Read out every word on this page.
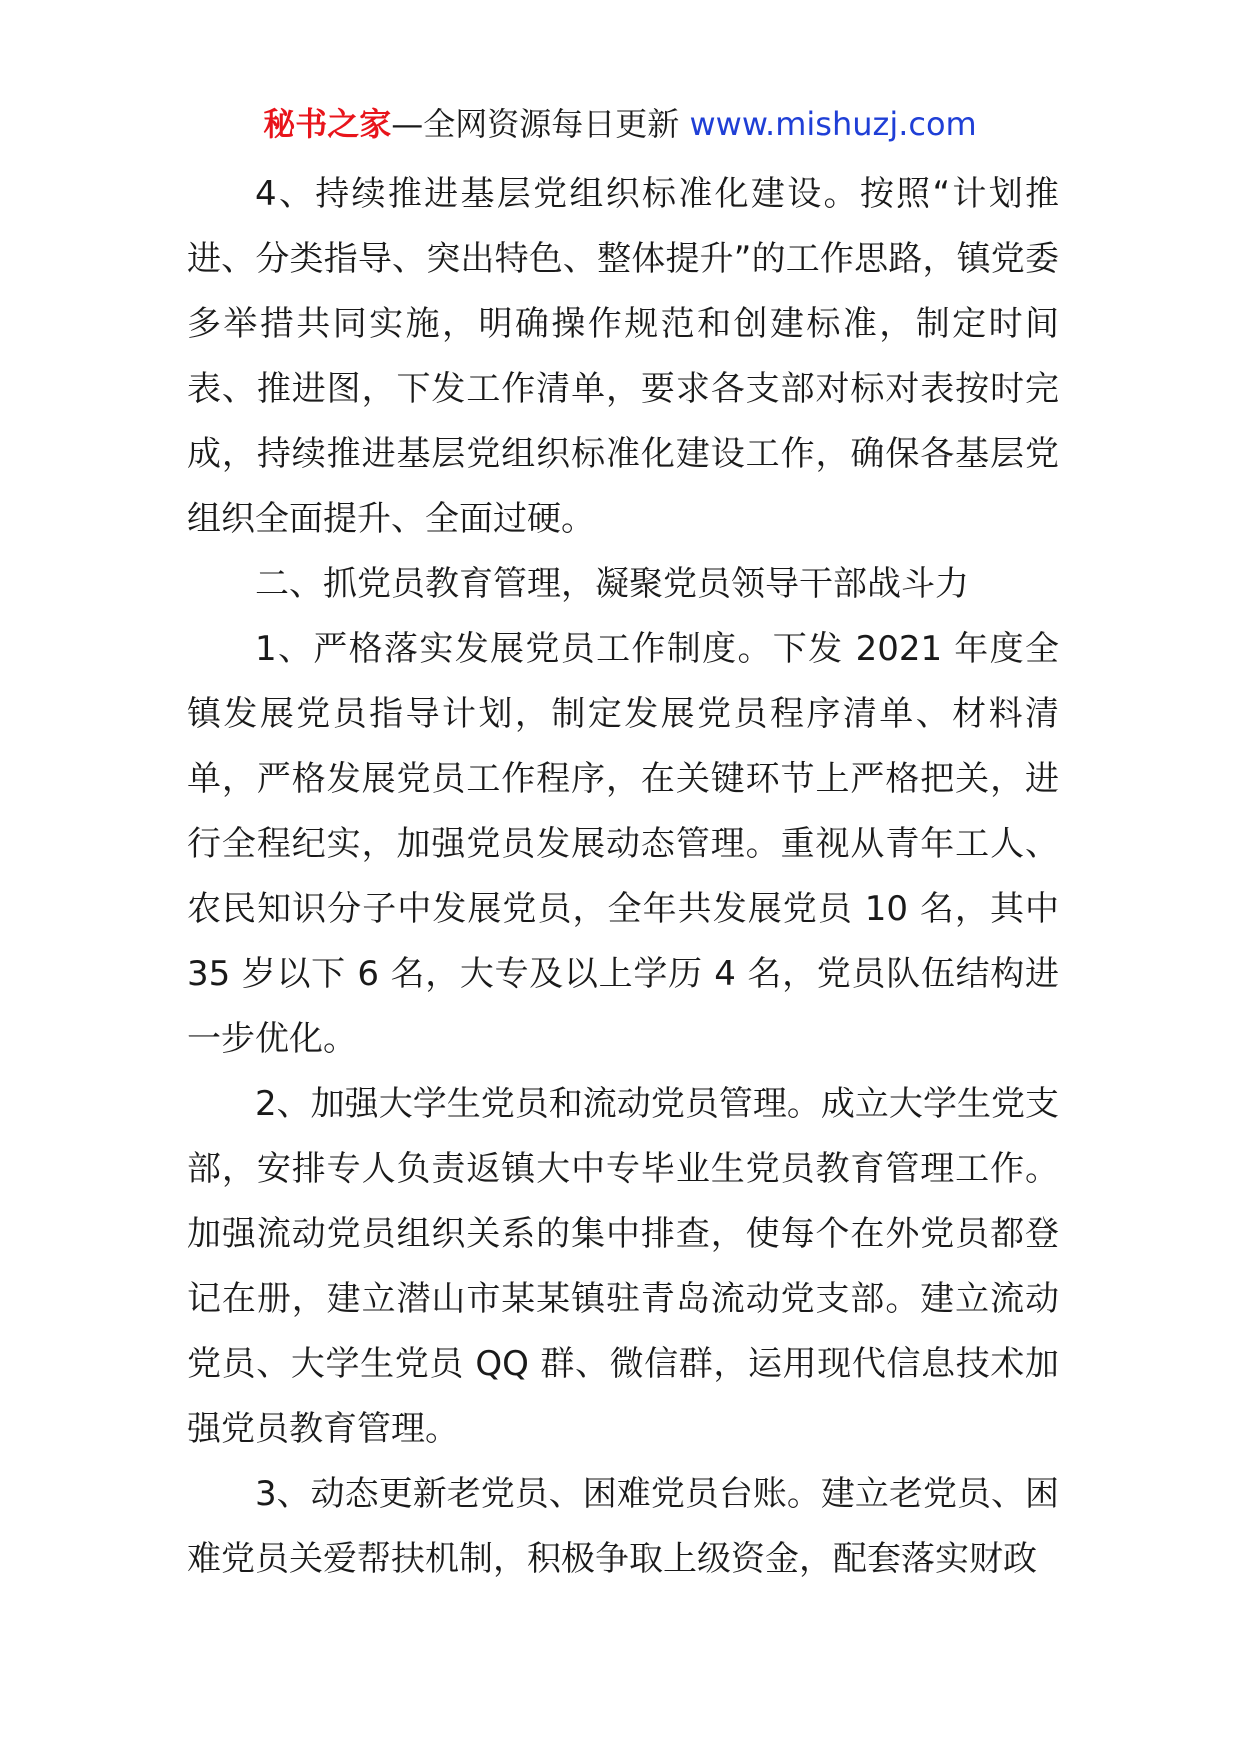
秘书之家—全网资源每日更新 www.mishuzj.com

4、持续推进基层党组织标准化建设。按照“计划推进、分类指导、突出特色、整体提升”的工作思路，镇党委多举措共同实施，明确操作规范和创建标准，制定时间表、推进图，下发工作清单，要求各支部对标对表按时完成，持续推进基层党组织标准化建设工作，确保各基层党组织全面提升、全面过硬。

二、抓党员教育管理，凝聚党员领导干部战斗力

1、严格落实发展党员工作制度。下发 2021 年度全镇发展党员指导计划，制定发展党员程序清单、材料清单，严格发展党员工作程序，在关键环节上严格把关，进行全程纪实，加强党员发展动态管理。重视从青年工人、农民知识分子中发展党员，全年共发展党员 10 名，其中 35 岁以下 6 名，大专及以上学历 4 名，党员队伍结构进一步优化。

2、加强大学生党员和流动党员管理。成立大学生党支部，安排专人负责返镇大中专毕业生党员教育管理工作。加强流动党员组织关系的集中排查，使每个在外党员都登记在册，建立潜山市某某镇驻青岛流动党支部。建立流动党员、大学生党员 QQ 群、微信群，运用现代信息技术加强党员教育管理。

3、动态更新老党员、困难党员台账。建立老党员、困难党员关爱帮扶机制，积极争取上级资金，配套落实财政
